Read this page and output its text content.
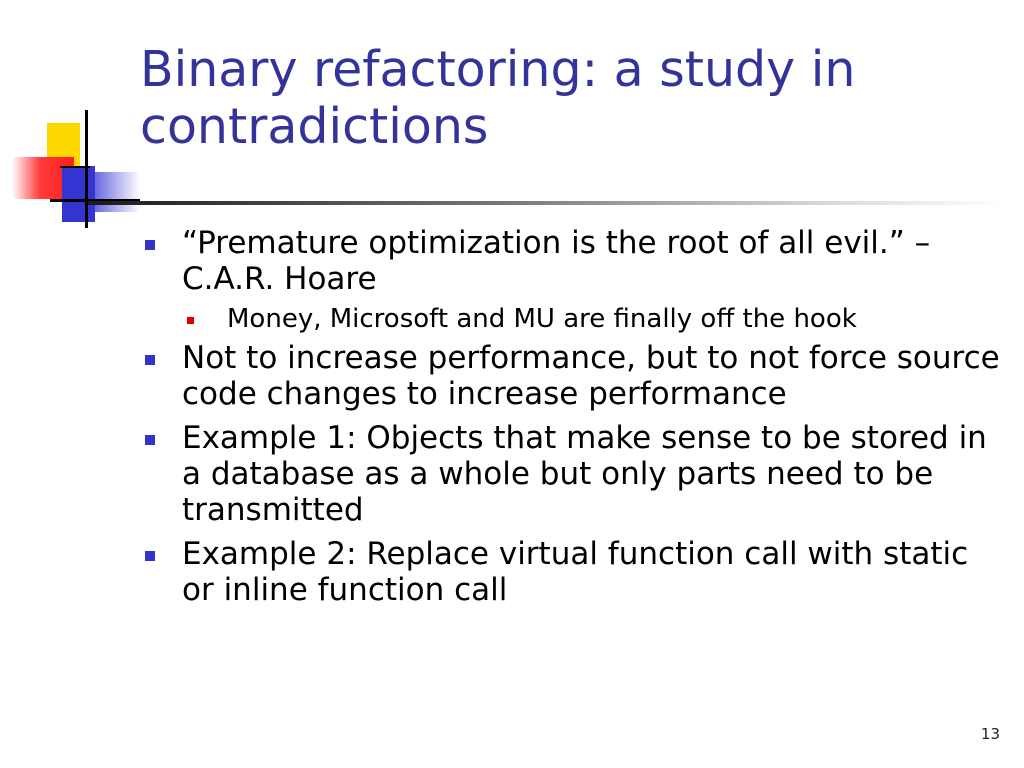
Binary refactoring: a study in contradictions
“Premature optimization is the root of all evil.” – C.A.R. Hoare
Money, Microsoft and MU are finally off the hook
Not to increase performance, but to not force source code changes to increase performance
Example 1: Objects that make sense to be stored in a database as a whole but only parts need to be transmitted
Example 2: Replace virtual function call with static or inline function call
13
